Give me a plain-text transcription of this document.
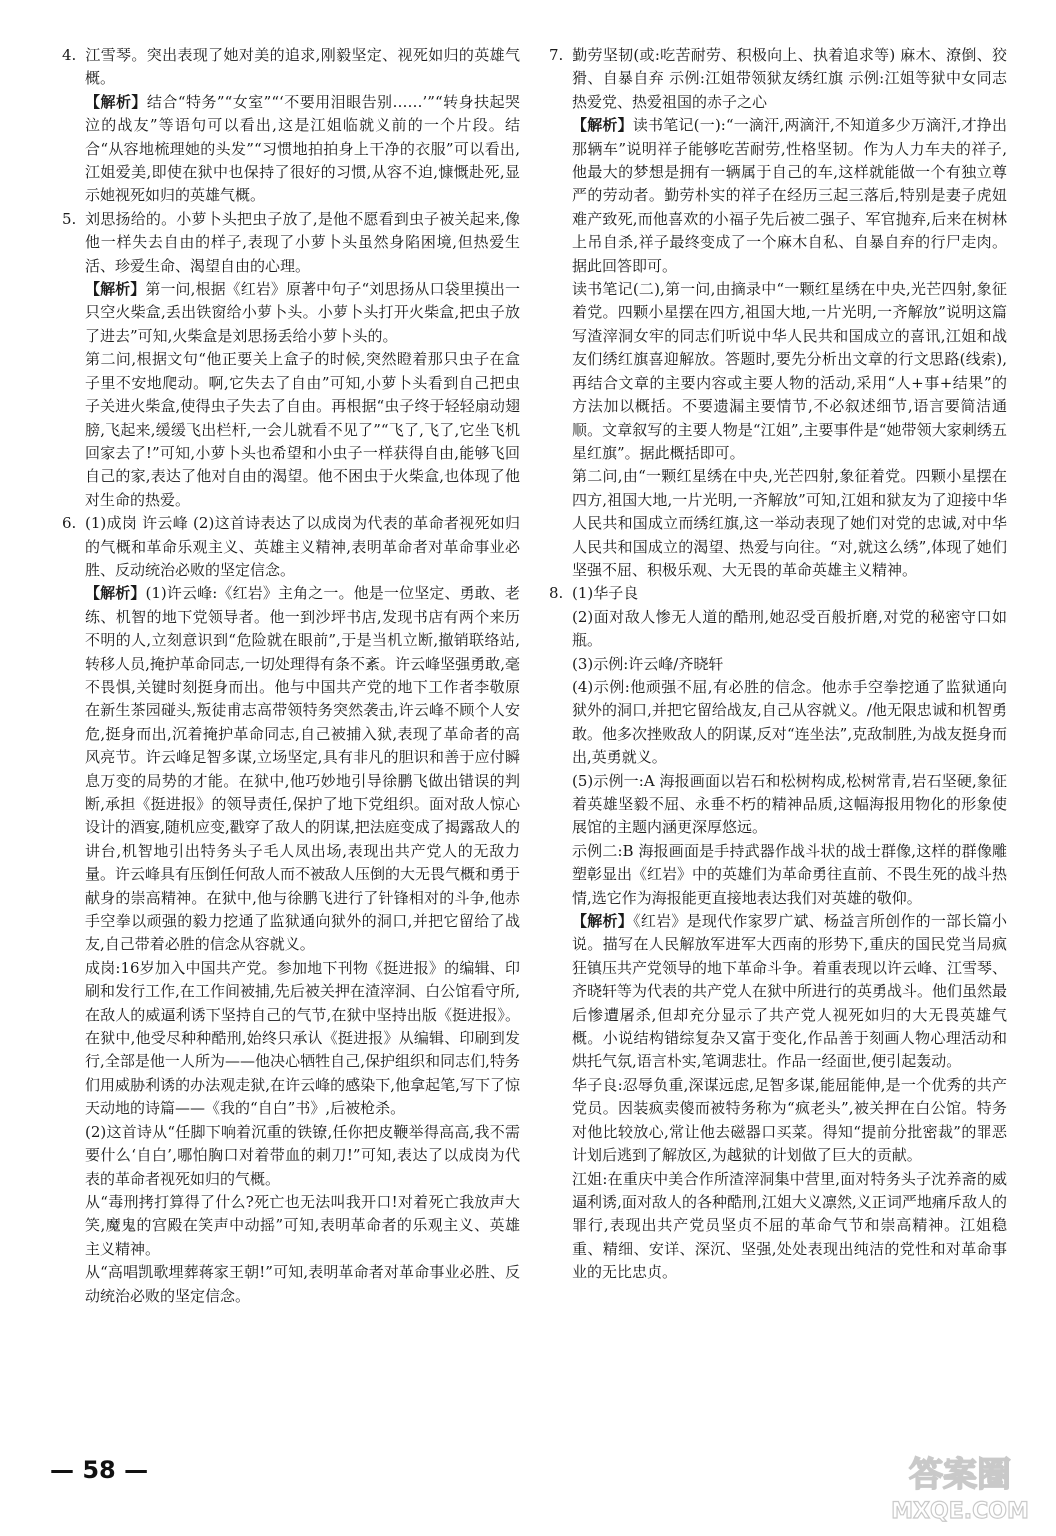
4. 江雪琴。突出表现了她对美的追求,刚毅坚定、视死如归的英雄气概。
【解析】结合“特务”“女室”“‘不要用泪眼告别……’”“转身扶起哭泣的战友”等语句可以看出,这是江姐临就义前的一个片段。结合“从容地梳理她的头发”“习惯地拍拍身上干净的衣服”可以看出,江姐爱美,即使在狱中也保持了很好的习惯,从容不迫,慷慨赴死,显示她视死如归的英雄气概。
5. 刘思扬给的。小萝卜头把虫子放了,是他不愿看到虫子被关起来,像他一样失去自由的样子,表现了小萝卜头虽然身陷困境,但热爱生活、珍爱生命、渴望自由的心理。
【解析】第一问,根据《红岩》原著中句子“刘思扬从口袋里摸出一只空火柴盒,丢出铁窗给小萝卜头。小萝卜头打开火柴盒,把虫子放了进去”可知,火柴盒是刘思扬丢给小萝卜头的。
第二问,根据文句“他正要关上盒子的时候,突然瞪着那只虫子在盒子里不安地爬动。啊,它失去了自由”可知,小萝卜头看到自己把虫子关进火柴盒,使得虫子失去了自由。再根据“虫子终于轻轻扇动翅膀,飞起来,缓缓飞出栏杆,一会儿就看不见了”“飞了,飞了,它坐飞机回家去了!”可知,小萝卜头也希望和小虫子一样获得自由,能够飞回自己的家,表达了他对自由的渴望。他不困虫于火柴盒,也体现了他对生命的热爱。
6. (1)成岗 许云峰 (2)这首诗表达了以成岗为代表的革命者视死如归的气概和革命乐观主义、英雄主义精神,表明革命者对革命事业必胜、反动统治必败的坚定信念。
【解析】(1)许云峰:《红岩》主角之一。他是一位坚定、勇敢、老练、机智的地下党领导者。他一到沙坪书店,发现书店有两个来历不明的人,立刻意识到“危险就在眼前”,于是当机立断,撤销联络站,转移人员,掩护革命同志,一切处理得有条不紊。许云峰坚强勇敢,毫不畏惧,关键时刻挺身而出。他与中国共产党的地下工作者李敬原在新生茶园碰头,叛徒甫志高带领特务突然袭击,许云峰不顾个人安危,挺身而出,沉着掩护革命同志,自己被捕入狱,表现了革命者的高风亮节。许云峰足智多谋,立场坚定,具有非凡的胆识和善于应付瞬息万变的局势的才能。在狱中,他巧妙地引导徐鹏飞做出错误的判断,承担《挺进报》的领导责任,保护了地下党组织。面对敌人惊心设计的酒宴,随机应变,戳穿了敌人的阴谋,把法庭变成了揭露敌人的讲台,机智地引出特务头子毛人凤出场,表现出共产党人的无敌力量。许云峰具有压倒任何敌人而不被敌人压倒的大无畏气概和勇于献身的崇高精神。在狱中,他与徐鹏飞进行了针锋相对的斗争,他赤手空拳以顽强的毅力挖通了监狱通向狱外的洞口,并把它留给了战友,自己带着必胜的信念从容就义。
成岗:16岁加入中国共产党。参加地下刊物《挺进报》的编辑、印刷和发行工作,在工作间被捕,先后被关押在渣滓洞、白公馆看守所,在敌人的威逼利诱下坚持自己的气节,在狱中坚持出版《挺进报》。在狱中,他受尽种种酷刑,始终只承认《挺进报》从编辑、印刷到发行,全部是他一人所为——他决心牺牲自己,保护组织和同志们,特务们用威胁利诱的办法观走狱,在许云峰的感染下,他拿起笔,写下了惊天动地的诗篇——《我的“自白”书》,后被枪杀。
(2)这首诗从“任脚下响着沉重的铁镣,任你把皮鞭举得高高,我不需要什么‘自白’,哪怕胸口对着带血的刺刀!”可知,表达了以成岗为代表的革命者视死如归的气概。
从“毒刑拷打算得了什么?死亡也无法叫我开口!对着死亡我放声大笑,魔鬼的宫殿在笑声中动摇”可知,表明革命者的乐观主义、英雄主义精神。
从“高唱凯歌埋葬蒋家王朝!”可知,表明革命者对革命事业必胜、反动统治必败的坚定信念。
7. 勤劳坚韧(或:吃苦耐劳、积极向上、执着追求等) 麻木、潦倒、狡猾、自暴自弃 示例:江姐带领狱友绣红旗 示例:江姐等狱中女同志热爱党、热爱祖国的赤子之心
【解析】读书笔记(一):“一滴汗,两滴汗,不知道多少万滴汗,才挣出那辆车”说明祥子能够吃苦耐劳,性格坚韧。作为人力车夫的祥子,他最大的梦想是拥有一辆属于自己的车,这样就能做一个有独立尊严的劳动者。勤劳朴实的祥子在经历三起三落后,特别是妻子虎妞难产致死,而他喜欢的小福子先后被二强子、军官抛弃,后来在树林上吊自杀,祥子最终变成了一个麻木自私、自暴自弃的行尸走肉。据此回答即可。
读书笔记(二),第一问,由摘录中“一颗红星绣在中央,光芒四射,象征着党。四颗小星摆在四方,祖国大地,一片光明,一齐解放”说明这篇写渣滓洞女牢的同志们听说中华人民共和国成立的喜讯,江姐和战友们绣红旗喜迎解放。答题时,要先分析出文章的行文思路(线索),再结合文章的主要内容或主要人物的活动,采用“人+事+结果”的方法加以概括。不要遗漏主要情节,不必叙述细节,语言要简洁通顺。文章叙写的主要人物是“江姐”,主要事件是“她带领大家刺绣五星红旗”。据此概括即可。
第二问,由“一颗红星绣在中央,光芒四射,象征着党。四颗小星摆在四方,祖国大地,一片光明,一齐解放”可知,江姐和狱友为了迎接中华人民共和国成立而绣红旗,这一举动表现了她们对党的忠诚,对中华人民共和国成立的渴望、热爱与向往。“对,就这么绣”,体现了她们坚强不屈、积极乐观、大无畏的革命英雄主义精神。
8. (1)华子良
(2)面对敌人惨无人道的酷刑,她忍受百般折磨,对党的秘密守口如瓶。
(3)示例:许云峰/齐晓轩
(4)示例:他顽强不屈,有必胜的信念。他赤手空拳挖通了监狱通向狱外的洞口,并把它留给战友,自己从容就义。/他无限忠诚和机智勇敢。他多次挫败敌人的阴谋,反对“连坐法”,克敌制胜,为战友挺身而出,英勇就义。
(5)示例一:A 海报画面以岩石和松树构成,松树常青,岩石坚硬,象征着英雄坚毅不屈、永垂不朽的精神品质,这幅海报用物化的形象使展馆的主题内涵更深厚悠远。
示例二:B 海报画面是手持武器作战斗状的战士群像,这样的群像雕塑彰显出《红岩》中的英雄们为革命勇往直前、不畏生死的战斗热情,选它作为海报能更直接地表达我们对英雄的敬仰。
【解析】《红岩》是现代作家罗广斌、杨益言所创作的一部长篇小说。描写在人民解放军进军大西南的形势下,重庆的国民党当局疯狂镇压共产党领导的地下革命斗争。着重表现以许云峰、江雪琴、齐晓轩等为代表的共产党人在狱中所进行的英勇战斗。他们虽然最后惨遭屠杀,但却充分显示了共产党人视死如归的大无畏英雄气概。小说结构错综复杂又富于变化,作品善于刻画人物心理活动和烘托气氛,语言朴实,笔调悲壮。作品一经面世,便引起轰动。
华子良:忍辱负重,深谋远虑,足智多谋,能屈能伸,是一个优秀的共产党员。因装疯卖傻而被特务称为“疯老头”,被关押在白公馆。特务对他比较放心,常让他去磁器口买菜。得知“提前分批密裁”的罪恶计划后逃到了解放区,为越狱的计划做了巨大的贡献。
江姐:在重庆中美合作所渣滓洞集中营里,面对特务头子沈养斋的威逼利诱,面对敌人的各种酷刑,江姐大义凛然,义正词严地痛斥敌人的罪行,表现出共产党员坚贞不屈的革命气节和崇高精神。江姐稳重、精细、安详、深沉、坚强,处处表现出纯洁的党性和对革命事业的无比忠贞。
— 58 —	答案圈
MXQE.COM
